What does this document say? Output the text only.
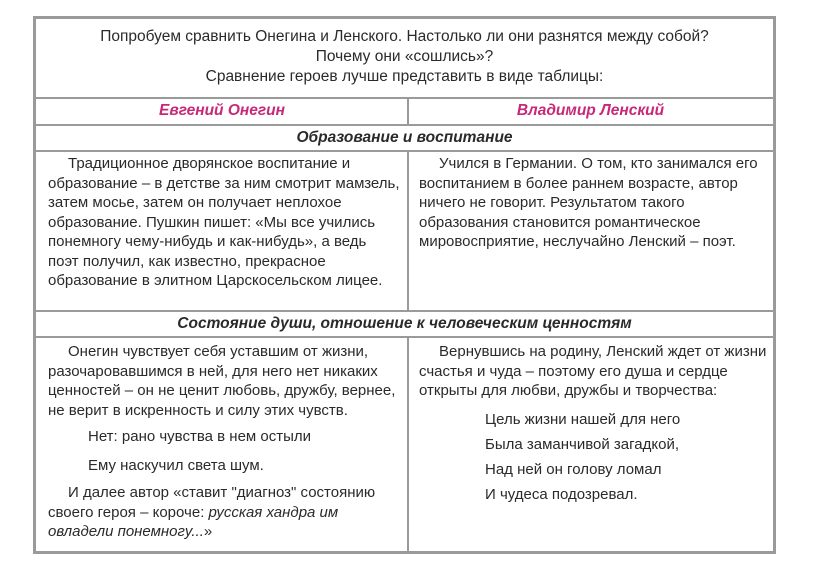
Попробуем сравнить Онегина и Ленского. Настолько ли они разнятся между собой?
Почему они «сошлись»?
Сравнение героев лучше представить в виде таблицы:
Евгений Онегин	Владимир Ленский
Образование и воспитание

Традиционное дворянское воспитание и образование – в детстве за ним смотрит мамзель, затем мосье, затем он получает неплохое образование. Пушкин пишет: «Мы все учились понемногу чему-нибудь и как-нибудь», а ведь поэт получил, как известно, прекрасное образование в элитном Царскосельском лицее.

Учился в Германии. О том, кто занимался его воспитанием в более раннем возрасте, автор ничего не говорит. Результатом такого образования становится романтическое мировосприятие, неслучайно Ленский – поэт.

Состояние души, отношение к человеческим ценностям

Онегин чувствует себя уставшим от жизни, разочаровавшимся в ней, для него нет никаких ценностей – он не ценит любовь, дружбу, вернее, не верит в искренность и силу этих чувств.

Нет: рано чувства в нем остыли

Ему наскучил света шум.

И далее автор «ставит "диагноз" состоянию своего героя – короче: русская хандра им овладели понемногу...»

Вернувшись на родину, Ленский ждет от жизни счастья и чуда – поэтому его душа и сердце открыты для любви, дружбы и творчества:

Цель жизни нашей для него

Была заманчивой загадкой,

Над ней он голову ломал

И чудеса подозревал.
